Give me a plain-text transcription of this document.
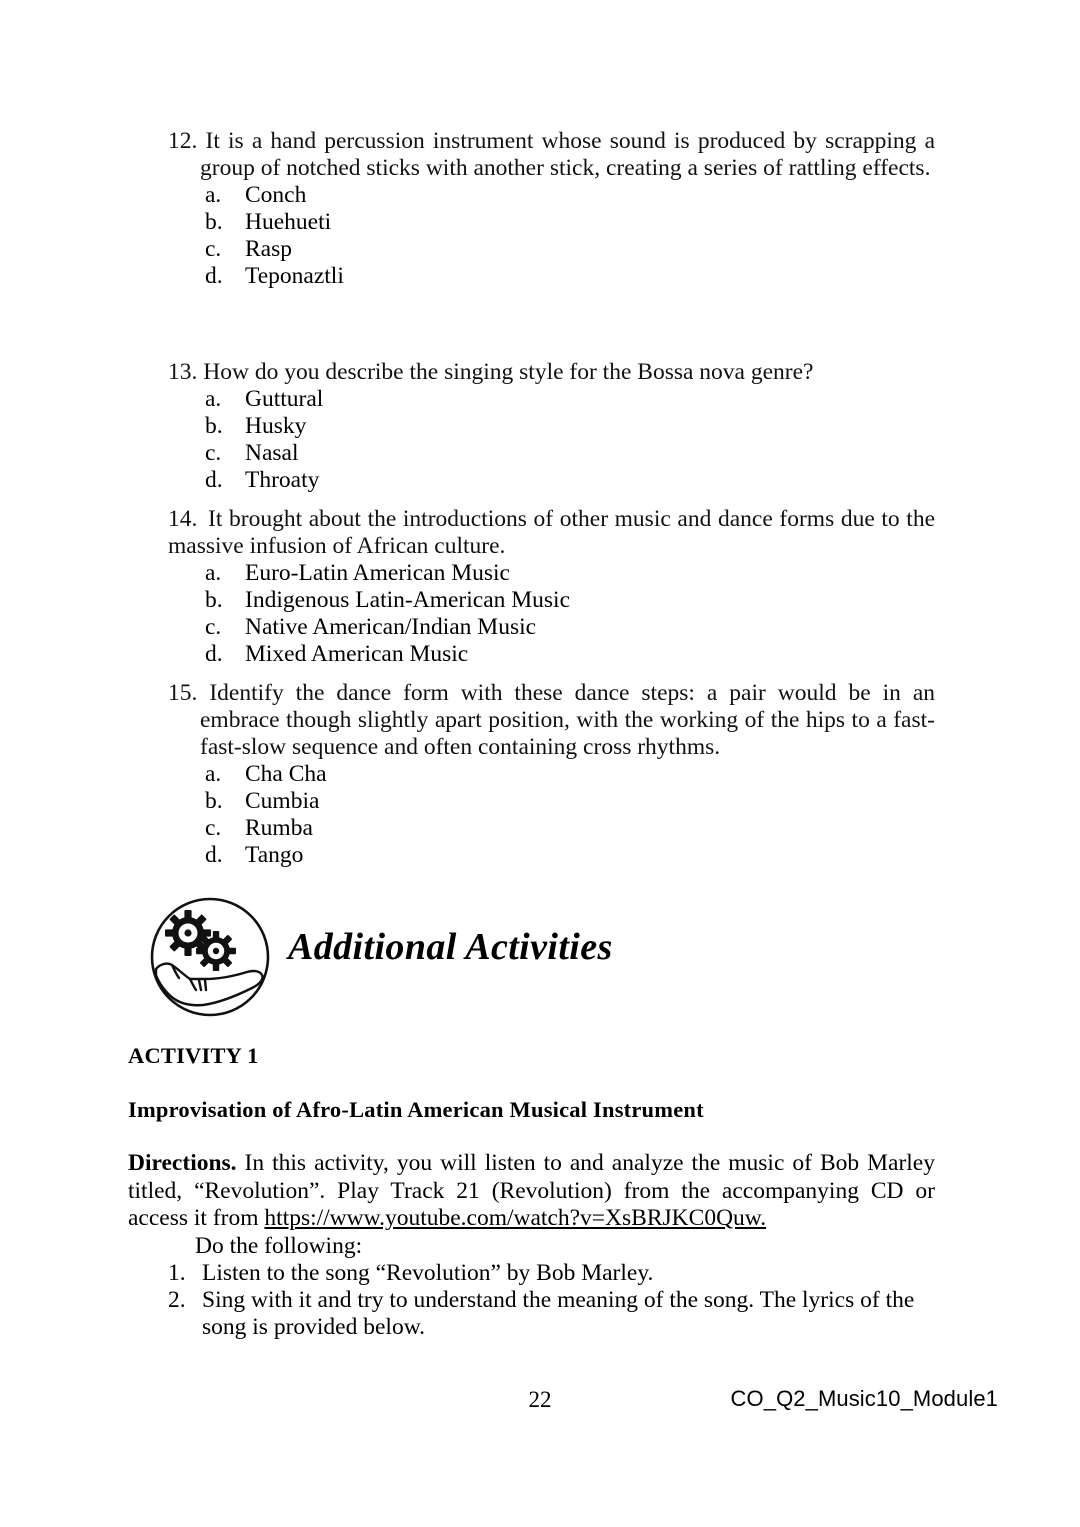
12. It is a hand percussion instrument whose sound is produced by scrapping a group of notched sticks with another stick, creating a series of rattling effects.

a.	Conch
b. Huehueti
c.	Rasp
d. Teponaztli

13. How do you describe the singing style for the Bossa nova genre?

a.	Guttural
b. Husky
c.	Nasal
d. Throaty

14. It brought about the introductions of other music and dance forms due to the massive infusion of African culture.

a.	Euro-Latin American Music
b. Indigenous Latin-American Music
c.	Native American/Indian Music
d. Mixed American Music

15. Identify the dance form with these dance steps: a pair would be in an embrace though slightly apart position, with the working of the hips to a fast-fast-slow sequence and often containing cross rhythms.

a.	Cha Cha
b. Cumbia
c.	Rumba
d. Tango
Additional Activities
ACTIVITY 1
Improvisation of Afro-Latin American Musical Instrument

Directions. In this activity, you will listen to and analyze the music of Bob Marley titled, “Revolution”. Play Track 21 (Revolution) from the accompanying CD or access it from https://www.youtube.com/watch?v=XsBRJKC0Quw.

Do the following:
1. Listen to the song “Revolution” by Bob Marley.
2. Sing with it and try to understand the meaning of the song. The lyrics of the song is provided below.
22	CO_Q2_Music10_Module1
